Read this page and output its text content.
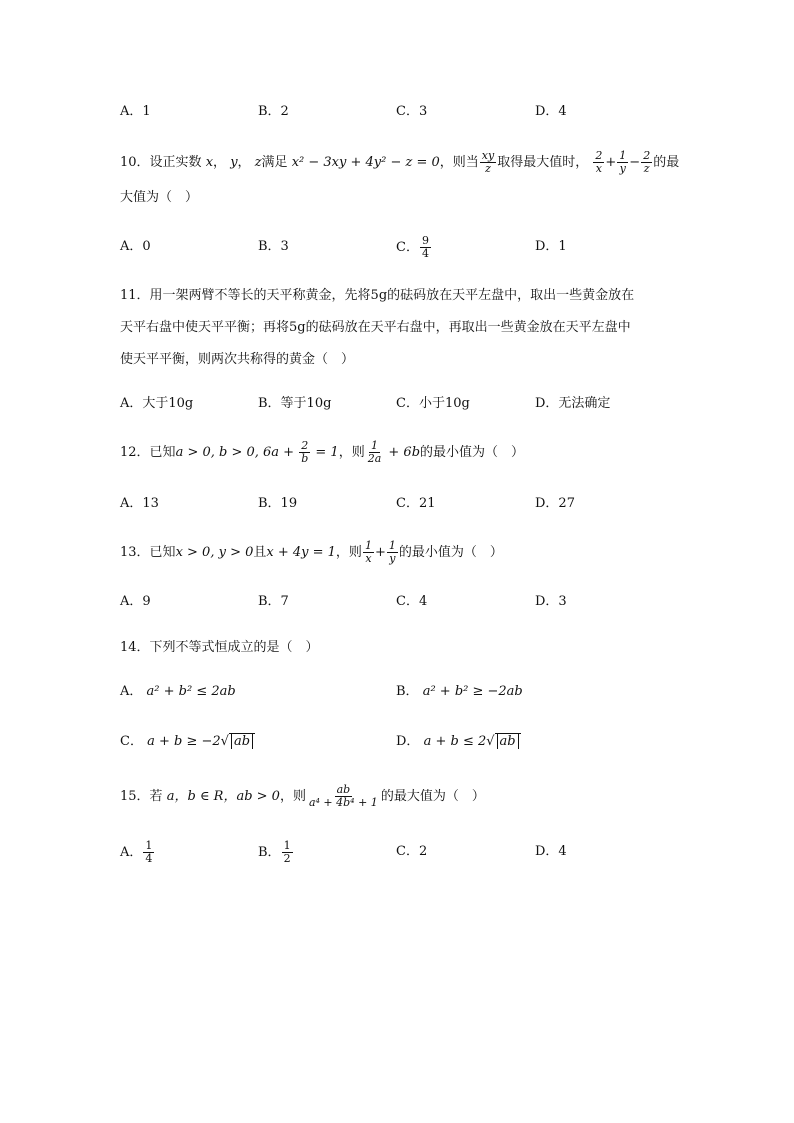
A．1	B．2	C．3	D．4
10．设正实数 x， y， z满足 x² − 3xy + 4y² − z = 0，则当 $\frac{xy}{z}$ 取得最大值时， $\frac{2}{x} + \frac{1}{y} - \frac{2}{z}$ 的最
大值为（　）
A．0	B．3	C． $\frac{9}{4}$	D．1
11．用一架两臂不等长的天平称黄金，先将5g的砝码放在天平左盘中，取出一些黄金放在
天平右盘中使天平平衡；再将5g的砝码放在天平右盘中，再取出一些黄金放在天平左盘中
使天平平衡，则两次共称得的黄金（　）
A．大于10g	B．等于10g	C．小于10g	D．无法确定
12．已知a > 0, b > 0, $6a + \frac{2}{b} = 1$，则 $\frac{1}{2a} + 6b$的最小值为（　）
A．13	B．19	C．21	D．27
13．已知x > 0, y > 0且x + 4y = 1，则 $\frac{1}{x} + \frac{1}{y}$ 的最小值为（　）
A．9	B．7	C．4	D．3
14．下列不等式恒成立的是（　）
A． a² + b² ≤ 2ab	B． a² + b² ≥ −2ab
C． a + b ≥ −2√ ab	D． a + b ≤ 2√ ab
15．若 a，b ∈ R，ab > 0，则 $\frac{ab}{\text{a⁴ + 4b⁴ + 1}}$ 的最大值为（　）
A． $\frac{1}{4}$	B． $\frac{1}{2}$	C．2	D．4
